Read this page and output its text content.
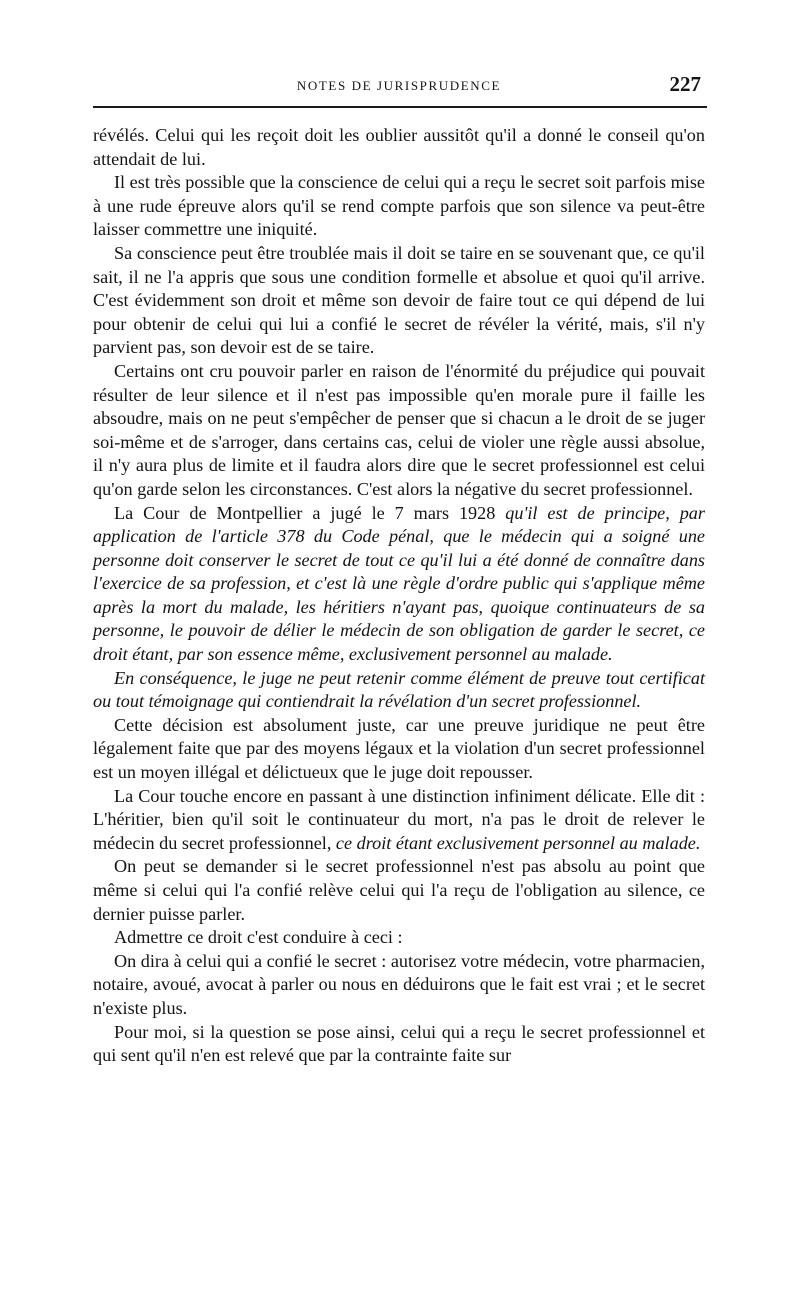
NOTES DE JURISPRUDENCE	227

révélés. Celui qui les reçoit doit les oublier aussitôt qu'il a donné le conseil qu'on attendait de lui.

Il est très possible que la conscience de celui qui a reçu le secret soit parfois mise à une rude épreuve alors qu'il se rend compte parfois que son silence va peut-être laisser commettre une iniquité.

Sa conscience peut être troublée mais il doit se taire en se souvenant que, ce qu'il sait, il ne l'a appris que sous une condition formelle et absolue et quoi qu'il arrive. C'est évidemment son droit et même son devoir de faire tout ce qui dépend de lui pour obtenir de celui qui lui a confié le secret de révéler la vérité, mais, s'il n'y parvient pas, son devoir est de se taire.

Certains ont cru pouvoir parler en raison de l'énormité du préjudice qui pouvait résulter de leur silence et il n'est pas impossible qu'en morale pure il faille les absoudre, mais on ne peut s'empêcher de penser que si chacun a le droit de se juger soi-même et de s'arroger, dans certains cas, celui de violer une règle aussi absolue, il n'y aura plus de limite et il faudra alors dire que le secret professionnel est celui qu'on garde selon les circonstances. C'est alors la négative du secret professionnel.

La Cour de Montpellier a jugé le 7 mars 1928 qu'il est de principe, par application de l'article 378 du Code pénal, que le médecin qui a soigné une personne doit conserver le secret de tout ce qu'il lui a été donné de connaître dans l'exercice de sa profession, et c'est là une règle d'ordre public qui s'applique même après la mort du malade, les héritiers n'ayant pas, quoique continuateurs de sa personne, le pouvoir de délier le médecin de son obligation de garder le secret, ce droit étant, par son essence même, exclusivement personnel au malade.

En conséquence, le juge ne peut retenir comme élément de preuve tout certificat ou tout témoignage qui contiendrait la révélation d'un secret professionnel.

Cette décision est absolument juste, car une preuve juridique ne peut être légalement faite que par des moyens légaux et la violation d'un secret professionnel est un moyen illégal et délictueux que le juge doit repousser.

La Cour touche encore en passant à une distinction infiniment délicate. Elle dit : L'héritier, bien qu'il soit le continuateur du mort, n'a pas le droit de relever le médecin du secret professionnel, ce droit étant exclusivement personnel au malade.

On peut se demander si le secret professionnel n'est pas absolu au point que même si celui qui l'a confié relève celui qui l'a reçu de l'obligation au silence, ce dernier puisse parler.

Admettre ce droit c'est conduire à ceci :

On dira à celui qui a confié le secret : autorisez votre médecin, votre pharmacien, notaire, avoué, avocat à parler ou nous en déduirons que le fait est vrai ; et le secret n'existe plus.

Pour moi, si la question se pose ainsi, celui qui a reçu le secret professionnel et qui sent qu'il n'en est relevé que par la contrainte faite sur
